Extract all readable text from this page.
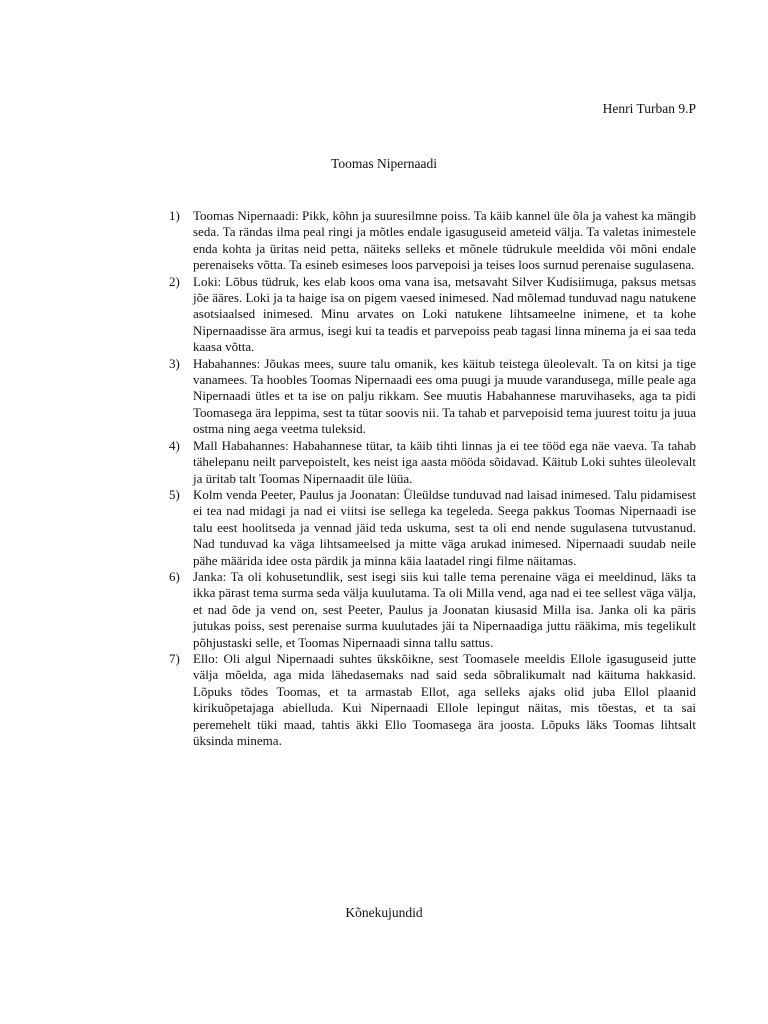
Henri Turban 9.P
Toomas Nipernaadi
1) Toomas Nipernaadi: Pikk, kõhn ja suuresilmne poiss. Ta käib kannel üle õla ja vahest ka mängib seda. Ta rändas ilma peal ringi ja mõtles endale igasuguseid ameteid välja. Ta valetas inimestele enda kohta ja üritas neid petta, näiteks selleks et mõnele tüdrukule meeldida või mõni endale perenaiseks võtta. Ta esineb esimeses loos parvepoisi ja teises loos surnud perenaise sugulasena.
2) Loki: Lõbus tüdruk, kes elab koos oma vana isa, metsavaht Silver Kudisiimuga, paksus metsas jõe ääres. Loki ja ta haige isa on pigem vaesed inimesed. Nad mõlemad tunduvad nagu natukene asotsiaalsed inimesed. Minu arvates on Loki natukene lihtsameelne inimene, et ta kohe Nipernaadisse ära armus, isegi kui ta teadis et parvepoiss peab tagasi linna minema ja ei saa teda kaasa võtta.
3) Habahannes: Jõukas mees, suure talu omanik, kes käitub teistega üleolevalt. Ta on kitsi ja tige vanamees. Ta hoobles Toomas Nipernaadi ees oma puugi ja muude varandusega, mille peale aga Nipernaadi ütles et ta ise on palju rikkam. See muutis Habahannese maruvihaseks, aga ta pidi Toomasega ära leppima, sest ta tütar soovis nii. Ta tahab et parvepoisid tema juurest toitu ja juua ostma ning aega veetma tuleksid.
4) Mall Habahannes: Habahannese tütar, ta käib tihti linnas ja ei tee tööd ega näe vaeva. Ta tahab tähelepanu neilt parvepoistelt, kes neist iga aasta mööda sõidavad. Käitub Loki suhtes üleolevalt ja üritab talt Toomas Nipernaadit üle lüüa.
5) Kolm venda Peeter, Paulus ja Joonatan: Üleüldse tunduvad nad laisad inimesed. Talu pidamisest ei tea nad midagi ja nad ei viitsi ise sellega ka tegeleda. Seega pakkus Toomas Nipernaadi ise talu eest hoolitseda ja vennad jäid teda uskuma, sest ta oli end nende sugulasena tutvustanud. Nad tunduvad ka väga lihtsameelsed ja mitte väga arukad inimesed. Nipernaadi suudab neile pähe määrida idee osta pärdik ja minna käia laatadel ringi filme näitamas.
6) Janka: Ta oli kohusetundlik, sest isegi siis kui talle tema perenaine väga ei meeldinud, läks ta ikka pärast tema surma seda välja kuulutama. Ta oli Milla vend, aga nad ei tee sellest väga välja, et nad õde ja vend on, sest Peeter, Paulus ja Joonatan kiusasid Milla isa. Janka oli ka päris jutukas poiss, sest perenaise surma kuulutades jäi ta Nipernaadiga juttu rääkima, mis tegelikult põhjustaski selle, et Toomas Nipernaadi sinna tallu sattus.
7) Ello: Oli algul Nipernaadi suhtes ükskõikne, sest Toomasele meeldis Ellole igasuguseid jutte välja mõelda, aga mida lähedasemaks nad said seda sõbralikumalt nad käituma hakkasid. Lõpuks tõdes Toomas, et ta armastab Ellot, aga selleks ajaks olid juba Ellol plaanid kirikuõpetajaga abielluda. Kui Nipernaadi Ellole lepingut näitas, mis tõestas, et ta sai peremehelt tüki maad, tahtis äkki Ello Toomasega ära joosta. Lõpuks läks Toomas lihtsalt üksinda minema.
Kõnekujundid
